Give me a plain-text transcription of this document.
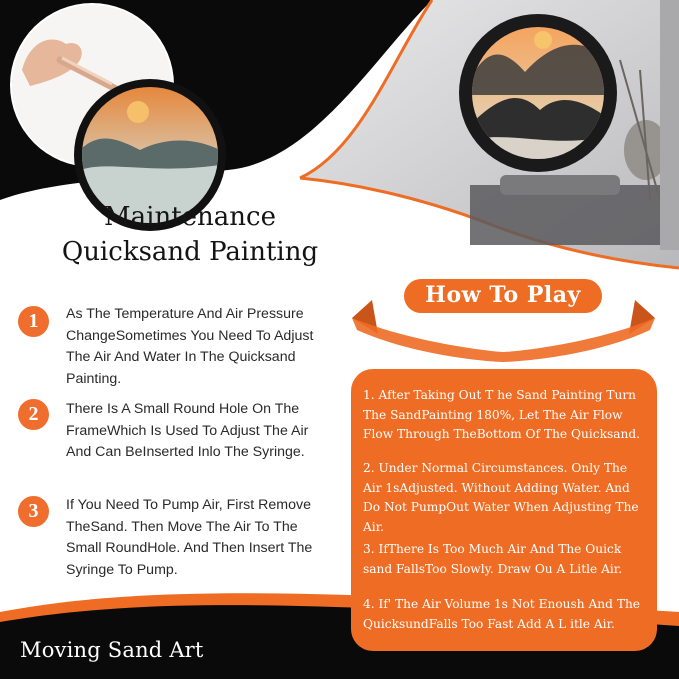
Maintenance
Quicksand Painting
1	As The Temperature And Air Pressure ChangeSometimes You Need To Adjust The Air And Water In The Quicksand Painting.
2	There Is A Small Round Hole On The FrameWhich Is Used To Adjust The Air And Can BeInserted Inlo The Syringe.
3	If You Need To Pump Air, First Remove TheSand. Then Move The Air To The Small RoundHole. And Then Insert The Syringe To Pump.
How To Play
1. After Taking Out T he Sand Painting Turn The SandPainting 180%, Let The Air Flow Flow Through TheBottom Of The Quicksand.
2. Under Normal Circumstances. Only The Air 1sAdjusted. Without Adding Water. And Do Not PumpOut Water When Adjusting The Air.
3. IfThere Is Too Much Air And The Ouick sand FallsToo Slowly. Draw Ou A Litle Air.
4. If' The Air Volume 1s Not Enoush And The QuicksundFalls Too Fast Add A L itle Air.
Moving Sand Art
